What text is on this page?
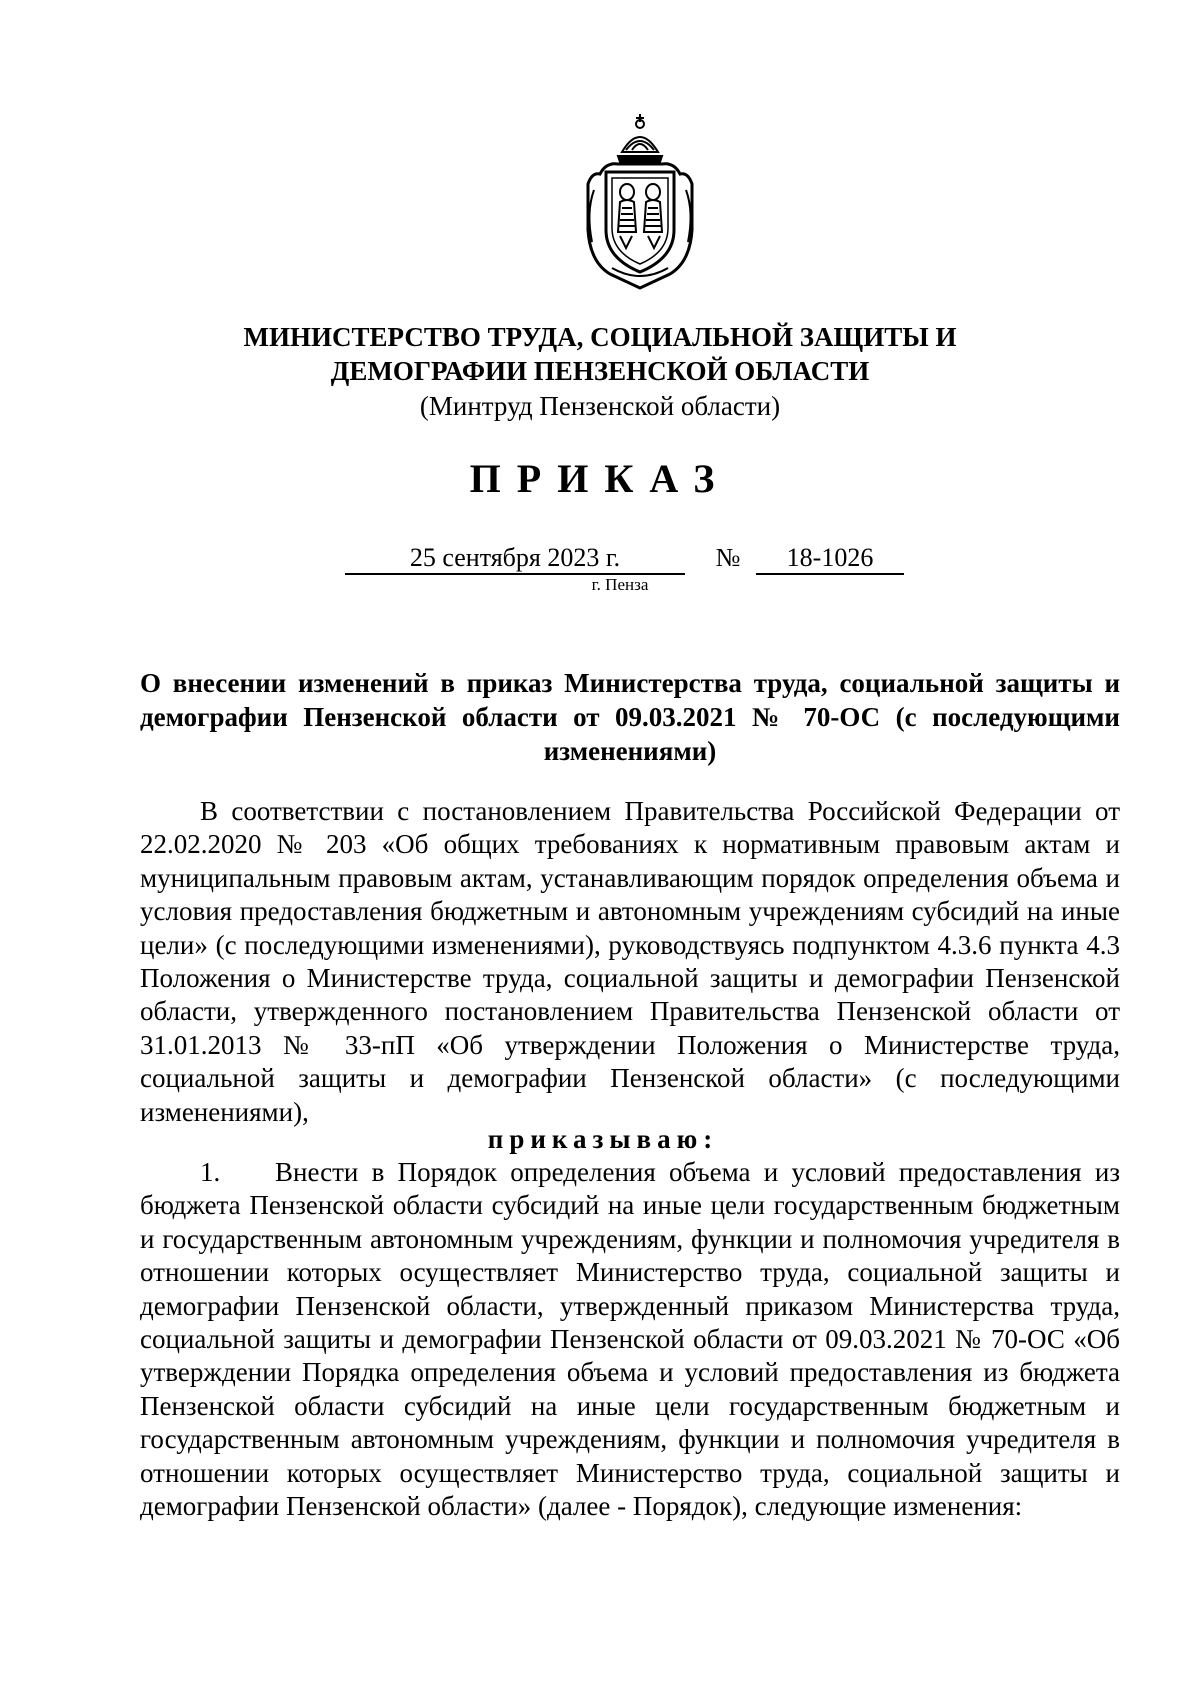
МИНИСТЕРСТВО ТРУДА, СОЦИАЛЬНОЙ ЗАЩИТЫ И
ДЕМОГРАФИИ ПЕНЗЕНСКОЙ ОБЛАСТИ
(Минтруд Пензенской области)
ПРИКАЗ
25 сентября 2023 г.	№	18-1026
г. Пенза
О внесении изменений в приказ Министерства труда, социальной защиты и демографии Пензенской области от 09.03.2021 № 70-ОС (с последующими изменениями)
В соответствии с постановлением Правительства Российской Федерации от 22.02.2020 № 203 «Об общих требованиях к нормативным правовым актам и муниципальным правовым актам, устанавливающим порядок определения объема и условия предоставления бюджетным и автономным учреждениям субсидий на иные цели» (с последующими изменениями), руководствуясь подпунктом 4.3.6 пункта 4.3 Положения о Министерстве труда, социальной защиты и демографии Пензенской области, утвержденного постановлением Правительства Пензенской области от 31.01.2013 № 33-пП «Об утверждении Положения о Министерстве труда, социальной защиты и демографии Пензенской области» (с последующими изменениями),
приказываю:
1. Внести в Порядок определения объема и условий предоставления из бюджета Пензенской области субсидий на иные цели государственным бюджетным и государственным автономным учреждениям, функции и полномочия учредителя в отношении которых осуществляет Министерство труда, социальной защиты и демографии Пензенской области, утвержденный приказом Министерства труда, социальной защиты и демографии Пензенской области от 09.03.2021 № 70-ОС «Об утверждении Порядка определения объема и условий предоставления из бюджета Пензенской области субсидий на иные цели государственным бюджетным и государственным автономным учреждениям, функции и полномочия учредителя в отношении которых осуществляет Министерство труда, социальной защиты и демографии Пензенской области» (далее - Порядок), следующие изменения:
